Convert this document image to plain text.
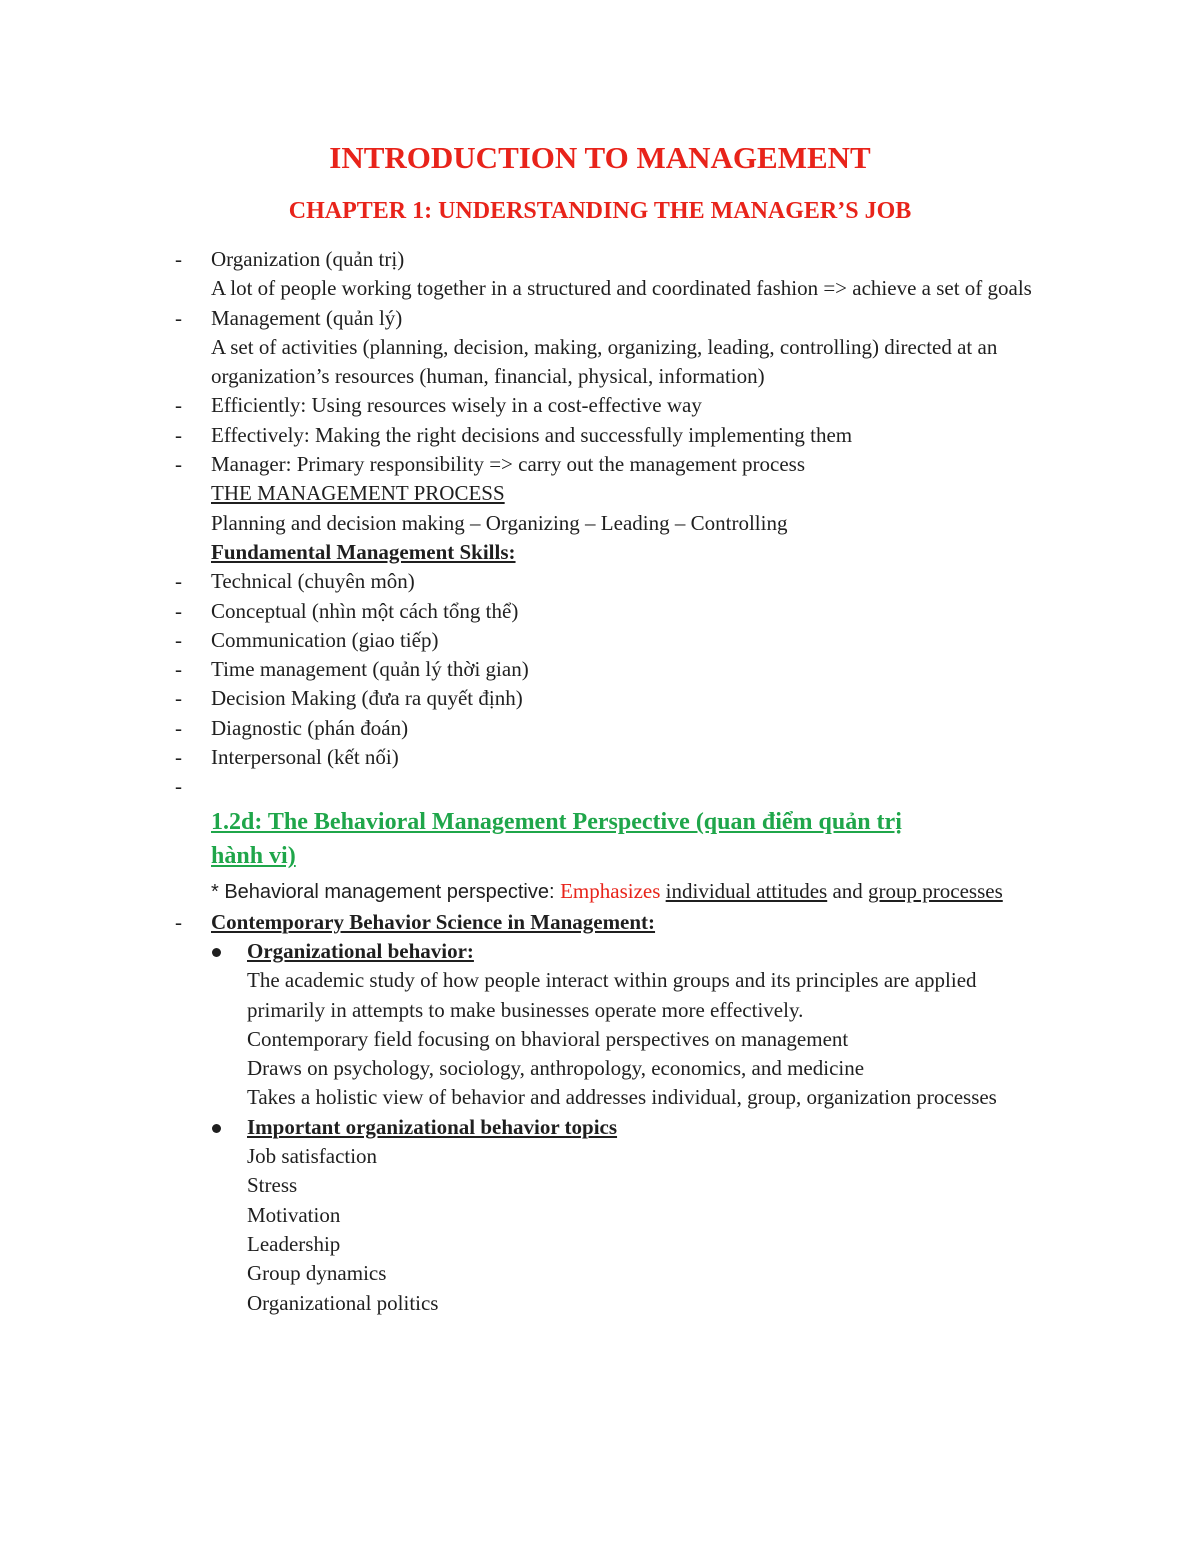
INTRODUCTION TO MANAGEMENT
CHAPTER 1: UNDERSTANDING THE MANAGER’S JOB
- Organization (quản trị)
A lot of people working together in a structured and coordinated fashion => achieve a set of goals
- Management (quản lý)
A set of activities (planning, decision, making, organizing, leading, controlling) directed at an organization’s resources (human, financial, physical, information)
- Efficiently: Using resources wisely in a cost-effective way
- Effectively: Making the right decisions and successfully implementing them
- Manager: Primary responsibility => carry out the management process
THE MANAGEMENT PROCESS
Planning and decision making – Organizing – Leading – Controlling
Fundamental Management Skills:
- Technical (chuyên môn)
- Conceptual (nhìn một cách tổng thể)
- Communication (giao tiếp)
- Time management (quản lý thời gian)
- Decision Making (đưa ra quyết định)
- Diagnostic (phán đoán)
- Interpersonal (kết nối)
-
1.2d: The Behavioral Management Perspective (quan điểm quản trị hành vi)
* Behavioral management perspective: Emphasizes individual attitudes and group processes
- Contemporary Behavior Science in Management:
Organizational behavior:
The academic study of how people interact within groups and its principles are applied primarily in attempts to make businesses operate more effectively.
Contemporary field focusing on bhavioral perspectives on management
Draws on psychology, sociology, anthropology, economics, and medicine
Takes a holistic view of behavior and addresses individual, group, organization processes
Important organizational behavior topics
Job satisfaction
Stress
Motivation
Leadership
Group dynamics
Organizational politics
